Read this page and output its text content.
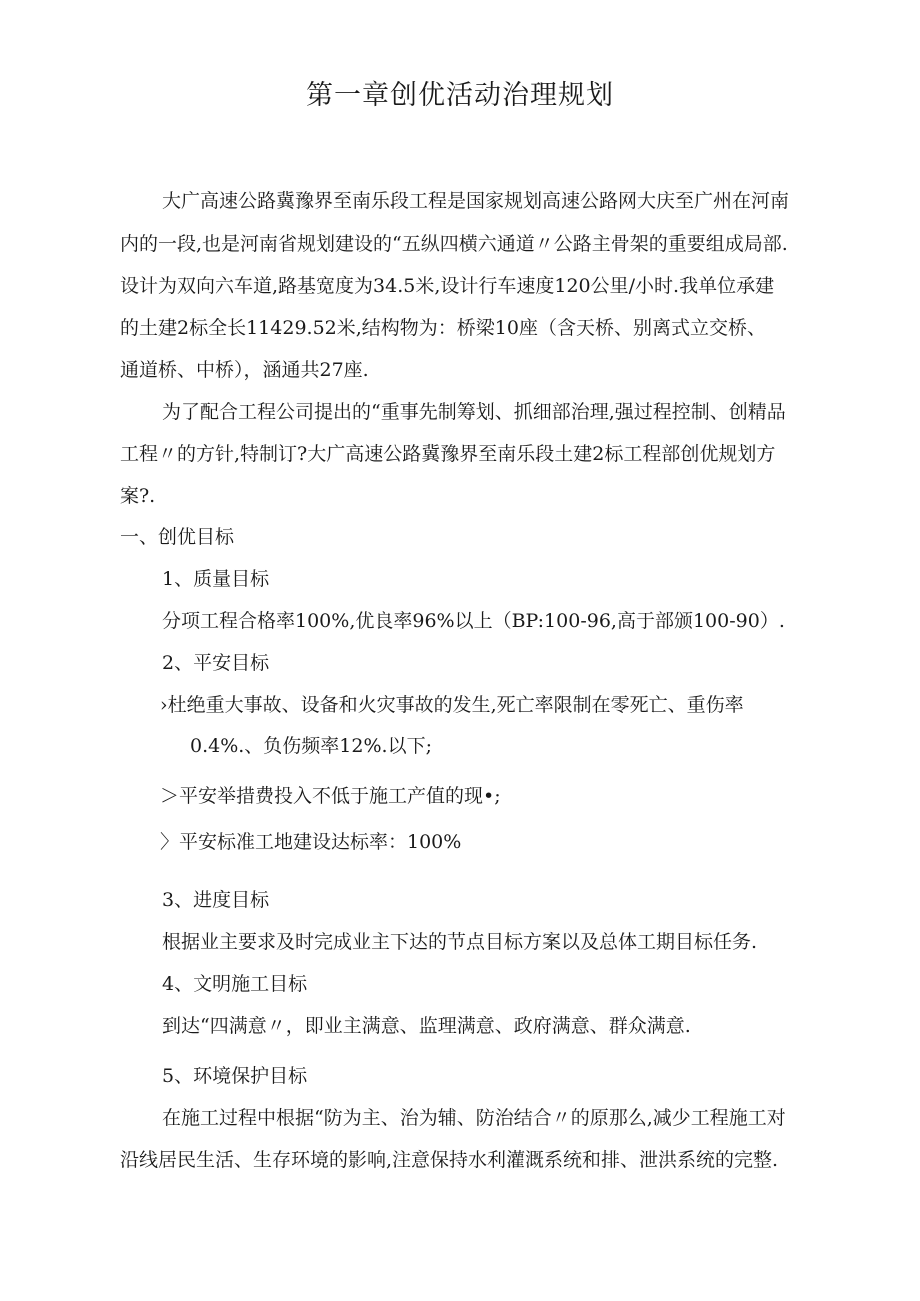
第一章创优活动治理规划
大广高速公路冀豫界至南乐段工程是国家规划高速公路网大庆至广州在河南
内的一段,也是河南省规划建设的“五纵四横六通道〃公路主骨架的重要组成局部.
设计为双向六车道,路基宽度为34.5米,设计行车速度120公里/小时.我单位承建
的土建2标全长11429.52米,结构物为：桥梁10座（含天桥、别离式立交桥、
通道桥、中桥），涵通共27座.
为了配合工程公司提出的“重事先制筹划、抓细部治理,强过程控制、创精品
工程〃的方针,特制订?大广高速公路冀豫界至南乐段土建2标工程部创优规划方
案?.
一、创优目标
1、质量目标
分项工程合格率100%,优良率96%以上（BP:100-96,高于部颁100-90）.
2、平安目标
›杜绝重大事故、设备和火灾事故的发生,死亡率限制在零死亡、重伤率
0.4%.、负伤频率12%.以下;
＞平安举措费投入不低于施工产值的现•;
〉平安标准工地建设达标率：100%
3、进度目标
根据业主要求及时完成业主下达的节点目标方案以及总体工期目标任务.
4、文明施工目标
到达“四满意〃，即业主满意、监理满意、政府满意、群众满意.
5、环境保护目标
在施工过程中根据“防为主、治为辅、防治结合〃的原那么,减少工程施工对
沿线居民生活、生存环境的影响,注意保持水利灌溉系统和排、泄洪系统的完整.
